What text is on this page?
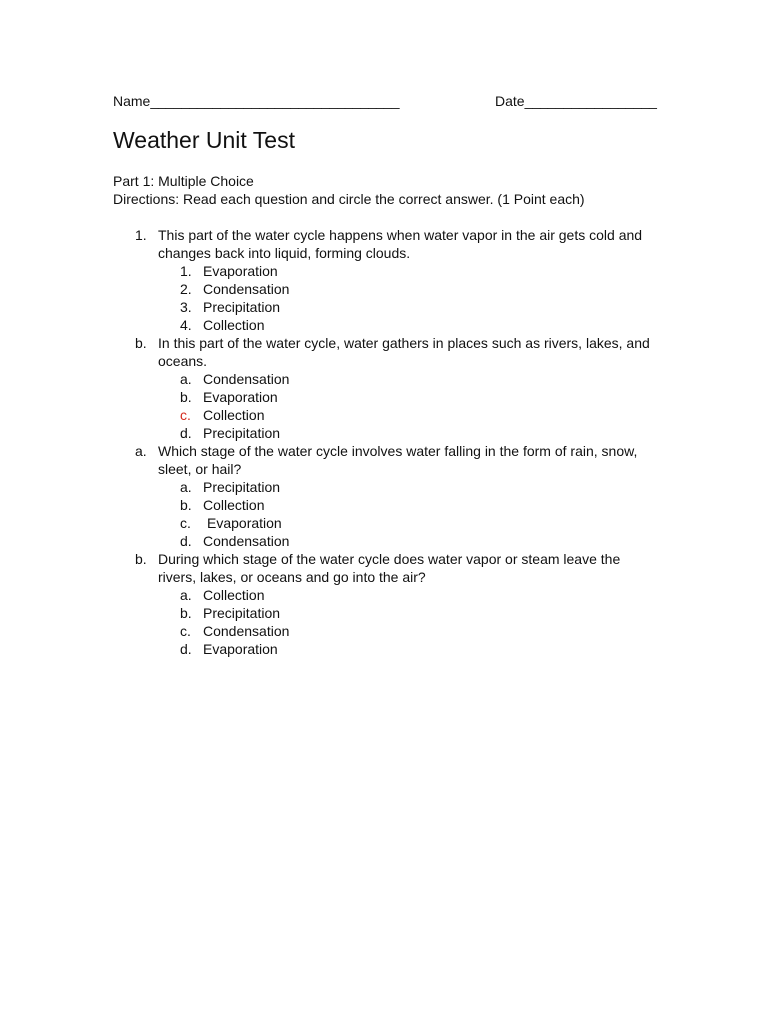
Name________________________________	Date_________________
Weather Unit Test
Part 1: Multiple Choice
Directions: Read each question and circle the correct answer. (1 Point each)
1. This part of the water cycle happens when water vapor in the air gets cold and changes back into liquid, forming clouds.
1. Evaporation
2. Condensation
3. Precipitation
4. Collection
b. In this part of the water cycle, water gathers in places such as rivers, lakes, and oceans.
a. Condensation
b. Evaporation
c. Collection
d. Precipitation
a. Which stage of the water cycle involves water falling in the form of rain, snow, sleet, or hail?
a. Precipitation
b. Collection
c. Evaporation
d. Condensation
b. During which stage of the water cycle does water vapor or steam leave the rivers, lakes, or oceans and go into the air?
a. Collection
b. Precipitation
c. Condensation
d. Evaporation
